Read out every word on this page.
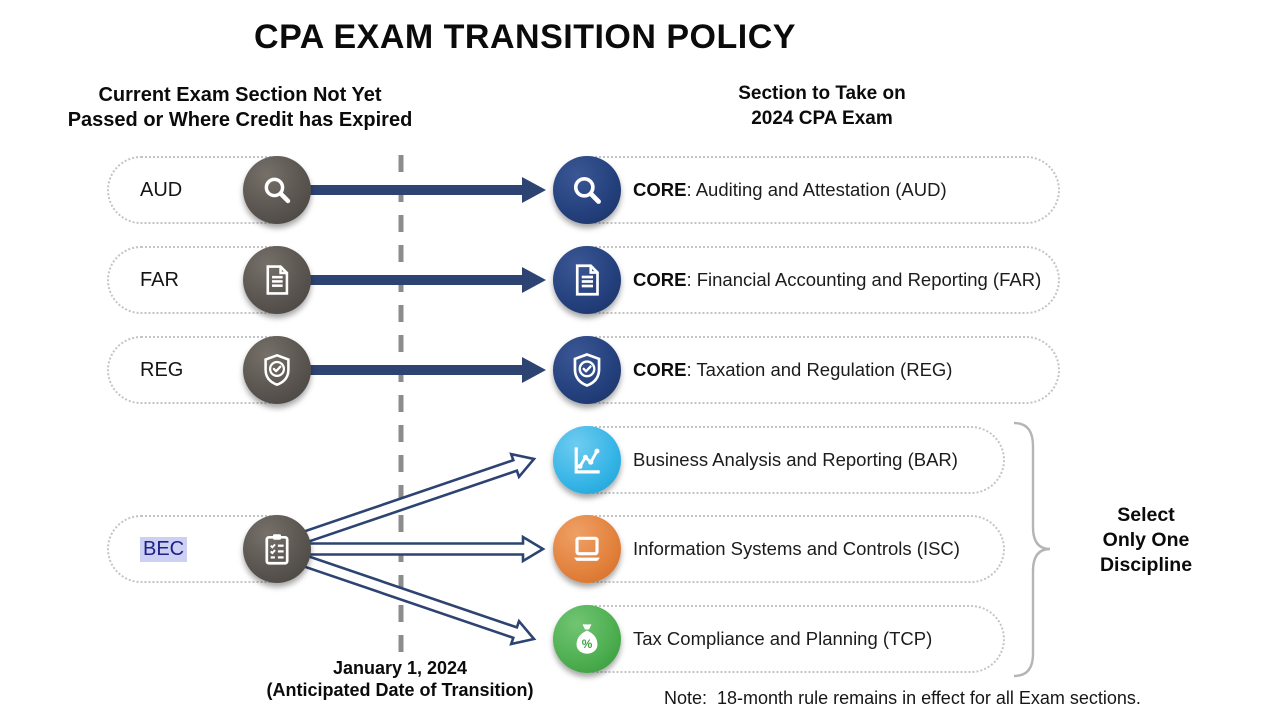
CPA EXAM TRANSITION POLICY
Current Exam Section Not Yet
Passed or Where Credit has Expired
Section to Take on
2024 CPA Exam
AUD
FAR
REG
BEC
CORE: Auditing and Attestation (AUD)
CORE: Financial Accounting and Reporting (FAR)
CORE: Taxation and Regulation (REG)
Business Analysis and Reporting (BAR)
Information Systems and Controls (ISC)
% Tax Compliance and Planning (TCP)
Select
Only One
Discipline
January 1, 2024
(Anticipated Date of Transition)	Note:  18-month rule remains in effect for all Exam sections.
